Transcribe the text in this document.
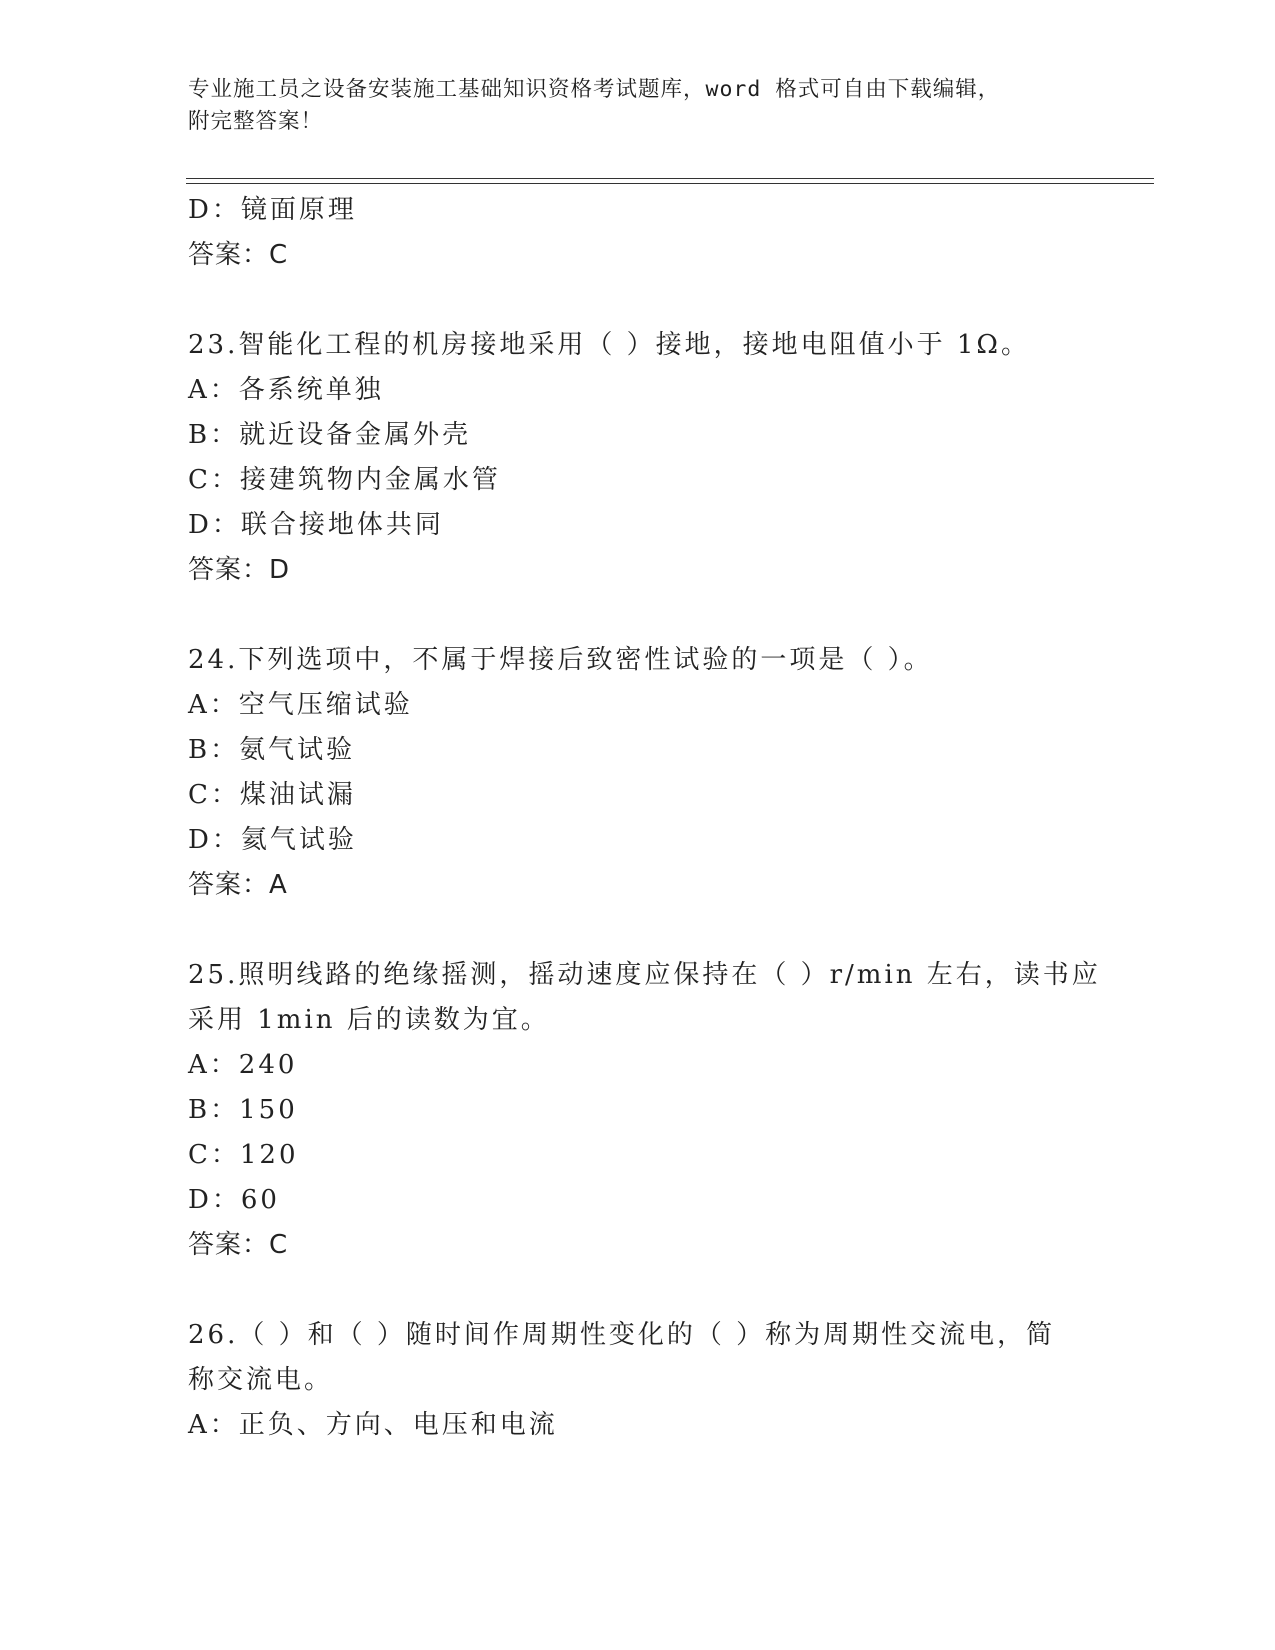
专业施工员之设备安装施工基础知识资格考试题库，word 格式可自由下载编辑，
附完整答案！
D：镜面原理
答案：C
23.智能化工程的机房接地采用（ ）接地，接地电阻值小于 1Ω。
A：各系统单独
B：就近设备金属外壳
C：接建筑物内金属水管
D：联合接地体共同
答案：D
24.下列选项中，不属于焊接后致密性试验的一项是（ ）。
A：空气压缩试验
B：氨气试验
C：煤油试漏
D：氦气试验
答案：A
25.照明线路的绝缘摇测，摇动速度应保持在（ ）r/min 左右，读书应
采用 1min 后的读数为宜。
A：240
B：150
C：120
D：60
答案：C
26.（ ）和（ ）随时间作周期性变化的（ ）称为周期性交流电，简
称交流电。
A：正负、方向、电压和电流
